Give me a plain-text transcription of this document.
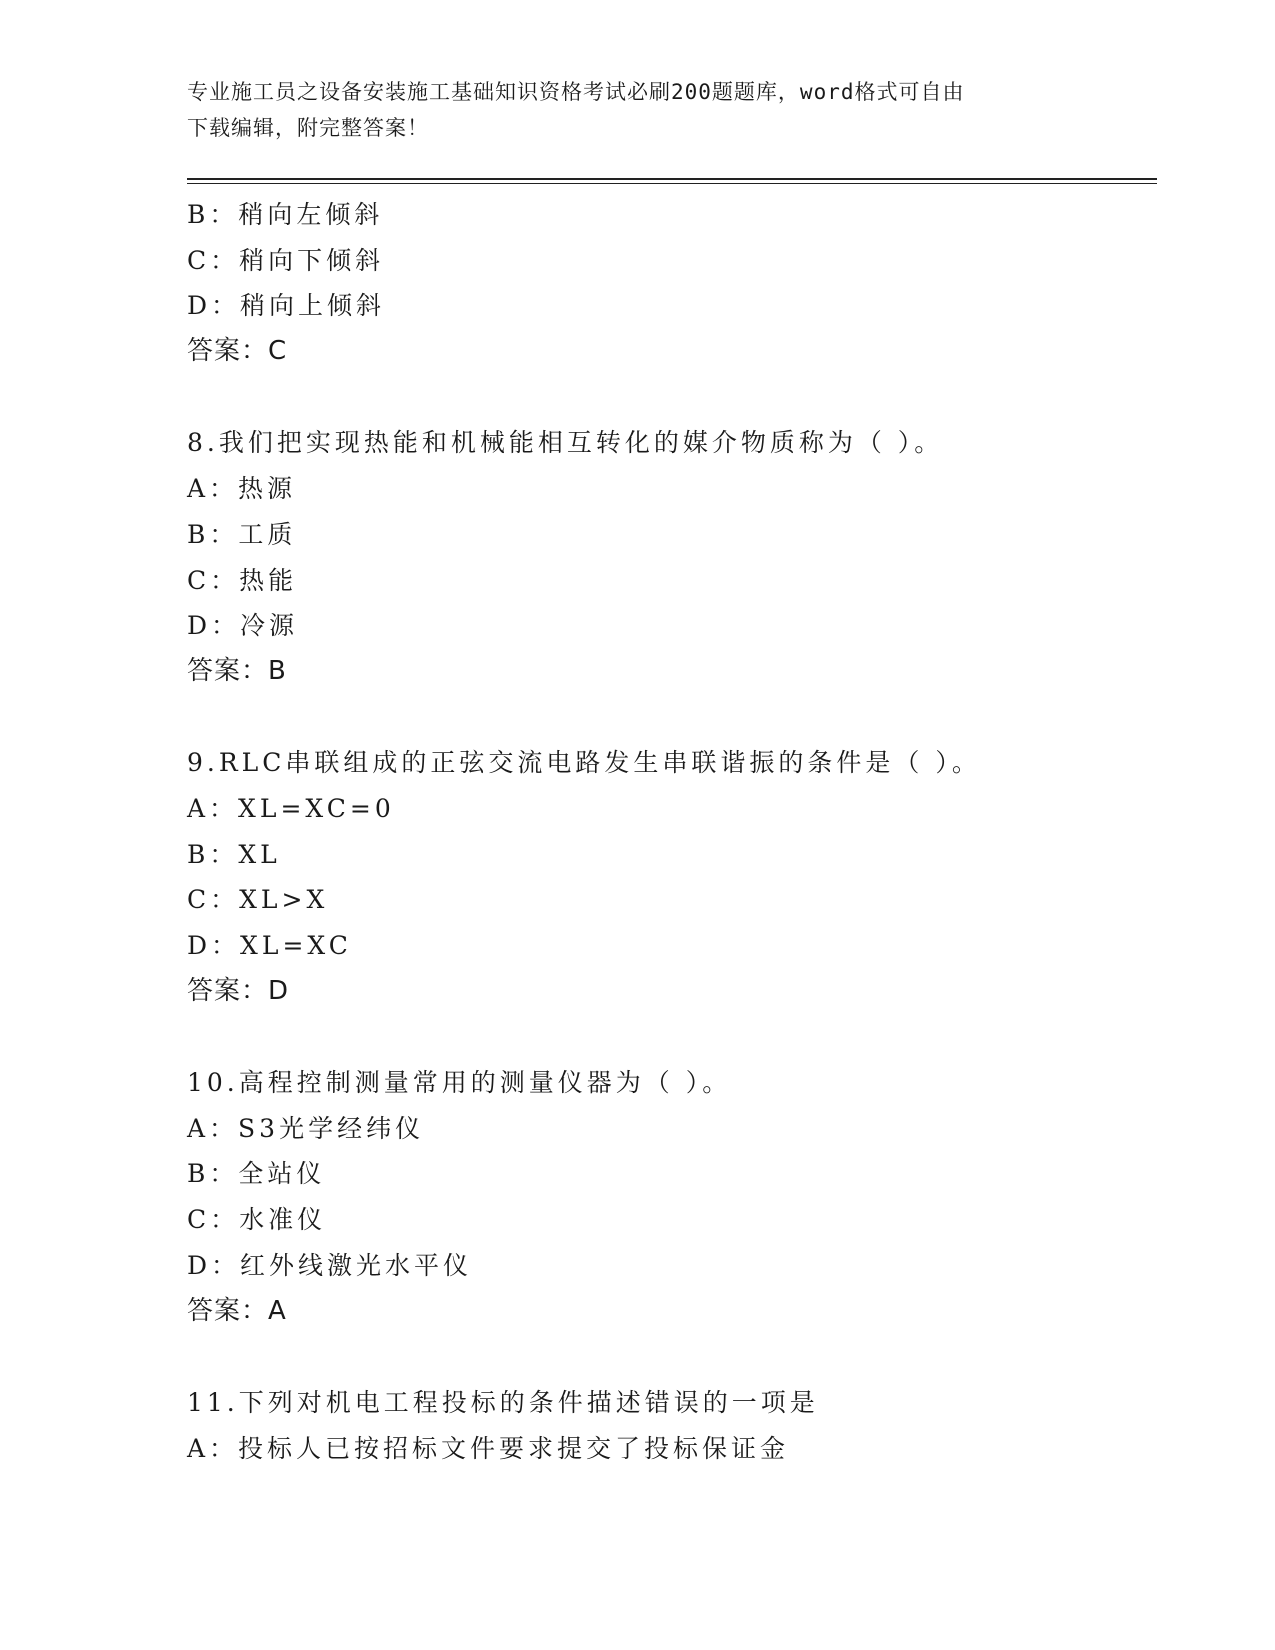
专业施工员之设备安装施工基础知识资格考试必刷200题题库，word格式可自由
下载编辑，附完整答案！
B：稍向左倾斜
C：稍向下倾斜
D：稍向上倾斜
答案：C
8.我们把实现热能和机械能相互转化的媒介物质称为（ ）。
A：热源
B：工质
C：热能
D：冷源
答案：B
9.RLC串联组成的正弦交流电路发生串联谐振的条件是（ ）。
A：XL=XC=0
B：XL
C：XL>X
D：XL=XC
答案：D
10.高程控制测量常用的测量仪器为（ ）。
A：S3光学经纬仪
B：全站仪
C：水准仪
D：红外线激光水平仪
答案：A
11.下列对机电工程投标的条件描述错误的一项是
A：投标人已按招标文件要求提交了投标保证金
